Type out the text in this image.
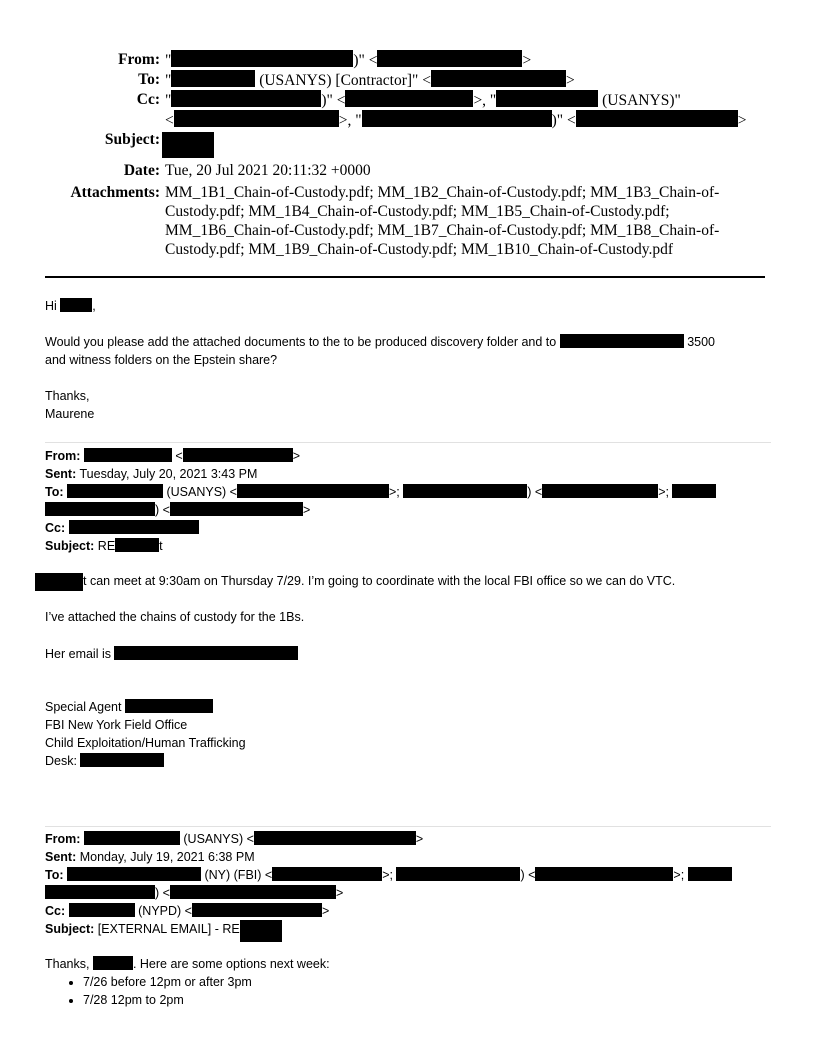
From: "	)" <	>
To: "	(USANYS) [Contractor]" <	>
Cc: "	)" <	>, "	(USANYS)"
<	>, "	)" <	>
Subject:
Date: Tue, 20 Jul 2021 20:11:32 +0000
Attachments: MM_1B1_Chain-of-Custody.pdf; MM_1B2_Chain-of-Custody.pdf; MM_1B3_Chain-of-
Custody.pdf; MM_1B4_Chain-of-Custody.pdf; MM_1B5_Chain-of-Custody.pdf;
MM_1B6_Chain-of-Custody.pdf; MM_1B7_Chain-of-Custody.pdf; MM_1B8_Chain-of-
Custody.pdf; MM_1B9_Chain-of-Custody.pdf; MM_1B10_Chain-of-Custody.pdf
Hi	,
Would you please add the attached documents to the to be produced discovery folder and to	3500
and witness folders on the Epstein share?
Thanks,
Maurene
From:	<	>
Sent: Tuesday, July 20, 2021 3:43 PM
To:	(USANYS) <	>;	) <	>;
) <	>
Cc:
Subject: RE	t
t can meet at 9:30am on Thursday 7/29. I’m going to coordinate with the local FBI office so we can do VTC.
I’ve attached the chains of custody for the 1Bs.
Her email is
Special Agent
FBI New York Field Office
Child Exploitation/Human Trafficking
Desk:
From:	(USANYS) <	>
Sent: Monday, July 19, 2021 6:38 PM
To:	(NY) (FBI) <	>;	) <	>;
) <	>
Cc:	(NYPD) <	>
Subject: [EXTERNAL EMAIL] - RE
Thanks,	. Here are some options next week:
• 7/26 before 12pm or after 3pm
• 7/28 12pm to 2pm
